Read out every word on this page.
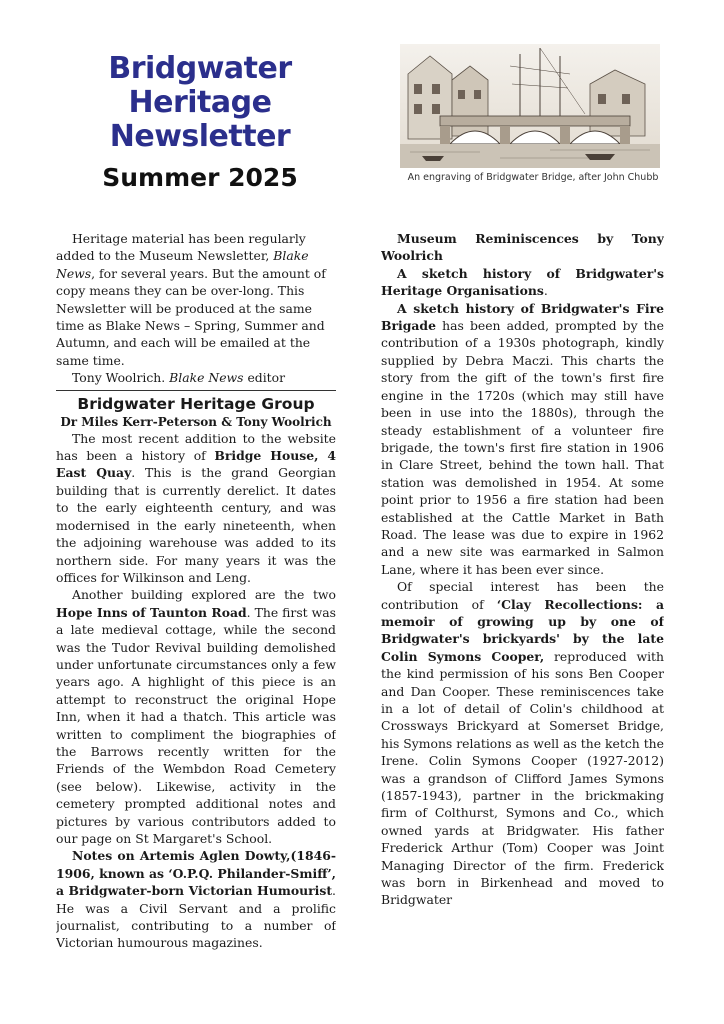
Bridgwater Heritage
Newsletter
Summer 2025	An engraving of Bridgwater Bridge, after John Chubb

Heritage material has been regularly added to the Museum Newsletter, Blake News, for several years. But the amount of copy means they can be over-long. This Newsletter will be produced at the same time as Blake News – Spring, Summer and Autumn, and each will be emailed at the same time.

Tony Woolrich. Blake News editor

Bridgwater Heritage Group
Dr Miles Kerr-Peterson & Tony Woolrich

The most recent addition to the website has been a history of Bridge House, 4 East Quay. This is the grand Georgian building that is currently derelict. It dates to the early eighteenth century, and was modernised in the early nineteenth, when the adjoining warehouse was added to its northern side. For many years it was the offices for Wilkinson and Leng.

Another building explored are the two Hope Inns of Taunton Road. The first was a late medieval cottage, while the second was the Tudor Revival building demolished under unfortunate circumstances only a few years ago. A highlight of this piece is an attempt to reconstruct the original Hope Inn, when it had a thatch. This article was written to compliment the biographies of the Barrows recently written for the Friends of the Wembdon Road Cemetery (see below). Likewise, activity in the cemetery prompted additional notes and pictures by various contributors added to our page on St Margaret's School.

Notes on Artemis Aglen Dowty,(1846-1906, known as ‘O.P.Q. Philander-Smiff’, a Bridgwater-born Victorian Humourist. He was a Civil Servant and a prolific journalist, contributing to a number of Victorian humourous magazines.

Museum Reminiscences by Tony Woolrich

A sketch history of Bridgwater's Heritage Organisations.

A sketch history of Bridgwater's Fire Brigade has been added, prompted by the contribution of a 1930s photograph, kindly supplied by Debra Maczi. This charts the story from the gift of the town's first fire engine in the 1720s (which may still have been in use into the 1880s), through the steady establishment of a volunteer fire brigade, the town's first fire station in 1906 in Clare Street, behind the town hall. That station was demolished in 1954. At some point prior to 1956 a fire station had been established at the Cattle Market in Bath Road. The lease was due to expire in 1962 and a new site was earmarked in Salmon Lane, where it has been ever since.

Of special interest has been the contribution of ‘Clay Recollections: a memoir of growing up by one of Bridgwater's brickyards' by the late Colin Symons Cooper, reproduced with the kind permission of his sons Ben Cooper and Dan Cooper. These reminiscences take in a lot of detail of Colin's childhood at Crossways Brickyard at Somerset Bridge, his Symons relations as well as the ketch the Irene. Colin Symons Cooper (1927-2012) was a grandson of Clifford James Symons (1857-1943), partner in the brickmaking firm of Colthurst, Symons and Co., which owned yards at Bridgwater. His father Frederick Arthur (Tom) Cooper was Joint Managing Director of the firm. Frederick was born in Birkenhead and moved to Bridgwater
